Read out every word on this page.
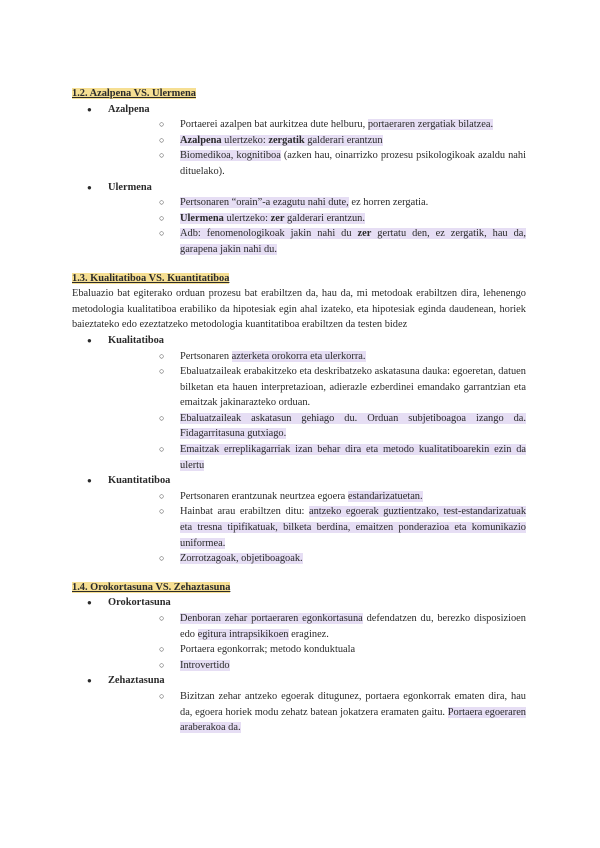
1.2. Azalpena VS. Ulermena

● Azalpena
○ Portaerei azalpen bat aurkitzea dute helburu, portaeraren zergatiak bilatzea.
○ Azalpena ulertzeko: zergatik galderari erantzun
○ Biomedikoa, kognitiboa (azken hau, oinarrizko prozesu psikologikoak azaldu nahi dituelako).
● Ulermena
○ Pertsonaren “orain”-a ezagutu nahi dute, ez horren zergatia.
○ Ulermena ulertzeko: zer galderari erantzun.
○ Adb: fenomenologikoak jakin nahi du zer gertatu den, ez zergatik, hau da, garapena jakin nahi du.

1.3. Kualitatiboa VS. Kuantitatiboa

Ebaluazio bat egiterako orduan prozesu bat erabiltzen da, hau da, mi metodoak erabiltzen dira, lehenengo metodologia kualitatiboa erabiliko da hipotesiak egin ahal izateko, eta hipotesiak eginda daudenean, horiek baieztateko edo ezeztatzeko metodologia kuantitatiboa erabiltzen da testen bidez

● Kualitatiboa
○ Pertsonaren azterketa orokorra eta ulerkorra.
○ Ebaluatzaileak erabakitzeko eta deskribatzeko askatasuna dauka: egoeretan, datuen bilketan eta hauen interpretazioan, adierazle ezberdinei emandako garrantzian eta emaitzak jakinarazteko orduan.
○ Ebaluatzaileak askatasun gehiago du. Orduan subjetiboagoa izango da. Fidagarritasuna gutxiago.
○ Emaitzak erreplikagarriak izan behar dira eta metodo kualitatiboarekin ezin da ulertu
● Kuantitatiboa
○ Pertsonaren erantzunak neurtzea egoera estandarizatuetan.
○ Hainbat arau erabiltzen ditu: antzeko egoerak guztientzako, test-estandarizatuak eta tresna tipifikatuak, bilketa berdina, emaitzen ponderazioa eta komunikazio uniformea.
○ Zorrotzagoak, objetiboagoak.

1.4. Orokortasuna VS. Zehaztasuna

● Orokortasuna
○ Denboran zehar portaeraren egonkortasuna defendatzen du, berezko disposizioen edo egitura intrapsikikoen eraginez.
○ Portaera egonkorrak; metodo konduktuala
○ Introvertido
● Zehaztasuna
○ Bizitzan zehar antzeko egoerak ditugunez, portaera egonkorrak ematen dira, hau da, egoera horiek modu zehatz batean jokatzera eramaten gaitu. Portaera egoeraren araberakoa da.
